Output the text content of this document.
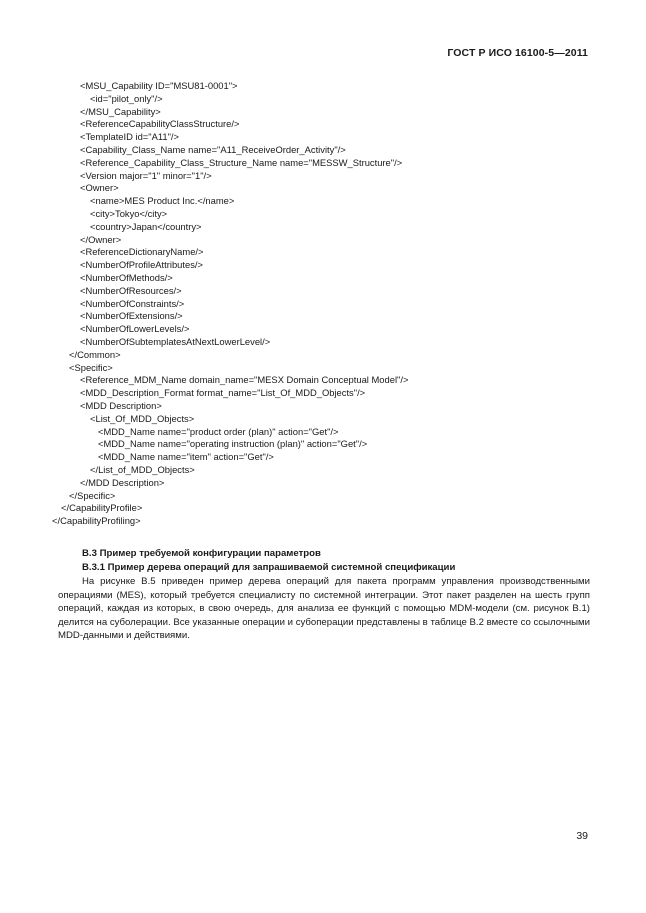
ГОСТ Р ИСО 16100-5—2011
<MSU_Capability ID="MSU81-0001">
<id="pilot_only"/>
</MSU_Capability>
<ReferenceCapabilityClassStructure/>
<TemplateID id="A11"/>
<Capability_Class_Name name="A11_ReceiveOrder_Activity"/>
<Reference_Capability_Class_Structure_Name name="MESSW_Structure"/>
<Version major="1" minor="1"/>
<Owner>
<name>MES Product Inc.</name>
<city>Tokyo</city>
<country>Japan</country>
</Owner>
<ReferenceDictionaryName/>
<NumberOfProfileAttributes/>
<NumberOfMethods/>
<NumberOfResources/>
<NumberOfConstraints/>
<NumberOfExtensions/>
<NumberOfLowerLevels/>
<NumberOfSubtemplatesAtNextLowerLevel/>
</Common>
<Specific>
<Reference_MDM_Name domain_name="MESX Domain Conceptual Model"/>
<MDD_Description_Format format_name="List_Of_MDD_Objects"/>
<MDD Description>
<List_Of_MDD_Objects>
<MDD_Name name="product order (plan)" action="Get"/>
<MDD_Name name="operating instruction (plan)" action="Get"/>
<MDD_Name name="item" action="Get"/>
</List_of_MDD_Objects>
</MDD Description>
</Specific>
</CapabilityProfile>
</CapabilityProfiling>
В.3 Пример требуемой конфигурации параметров
В.3.1 Пример дерева операций для запрашиваемой системной спецификации
На рисунке В.5 приведен пример дерева операций для пакета программ управления производственными операциями (MES), который требуется специалисту по системной интеграции. Этот пакет разделен на шесть групп операций, каждая из которых, в свою очередь, для анализа ее функций с помощью MDM-модели (см. рисунок В.1) делится на суболерации. Все указанные операции и субоперации представлены в таблице В.2 вместе со ссылочными MDD-данными и действиями.
39
